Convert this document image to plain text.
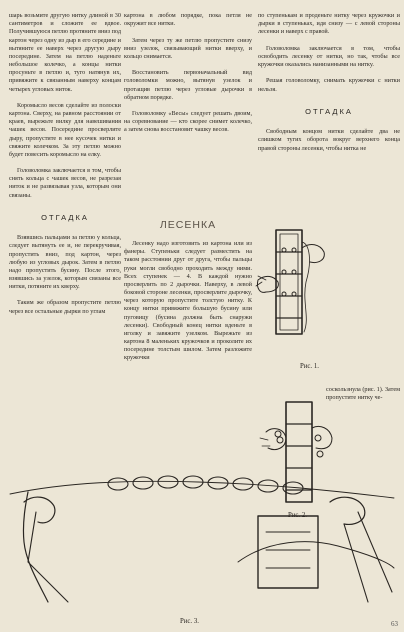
шарь возьмите другую нитку длиной в 30 сантиметров и сложите ее вдвое. Получившуюся петлю протяните вниз под картон через одну из дыр в его середине и вытяните ее наверх через другую дыру посередине. Затем на петлю наденьте небольшое колечко, а концы нитки просуньте в петлю и, туго натянув их, привяжите к связанным наверху концам четырех угловых ниток.

Коромысло весов сделайте из полоски картона. Сверху, на равном расстоянии от краев, вырежьте вилку для навешивания чашек весов. Посередине просверлите дыру, пропустите в нее кусочек нитки и свяжите колечком. За эту петлю можно будет повесить коромысло на елку.

Головоломка заключается в том, чтобы снять кольца с чашек весов, не разрезая ниток и не развязывая узла, которым они связаны.

ОТГАДКА

Взявшись пальцами за петлю у кольца, следует вытянуть ее и, не перекручивая, пропустить вниз, под картон, через любую из угловых дырок. Затем в петлю надо пропустить бусину. После этого, взявшись за узелок, которым связаны все нитки, потяните их кверху.

Таким же образом пропустите петлю через все остальные дырки по углам

картона в любом порядке, пока петля не окружит все нитки.

Затем через ту же петлю пропустите снизу вниз узелок, связывающий нитки вверху, и кольцо снимается.

Восстановить первоначальный вид головоломки можно, вытянув узелок и протащив петлю через угловые дырочки в обратном порядке.

Головоломку «Весы» следует решать двоим, на соревнование — кто скорее снимет колечко, а затем снова восстановит чашку весов.

ЛЕСЕНКА

Лесенку надо изготовить из картона или из фанеры. Ступеньки следует разместить на таком расстоянии друг от друга, чтобы пальцы руки могли свободно проходить между ними. Всех ступенек — 4. В каждой нужно просверлить по 2 дырочки. Наверху, в левой боковой стороне лесенки, просверлите дырочку, через которую пропустите толстую нитку. К концу нитки привяжите большую бусину или пуговицу (бусина должна быть снаружи лесенки). Свободный конец нитки вденьте в иголку и завяжите узелком. Вырежьте из картона 8 маленьких кружочков и проколите их посередине толстым шилом. Затем разложите кружочки

по ступенькам и проденьте нитку через кружочки и дырки в ступеньках, идя снизу — с левой стороны лесенки и наверх с правой.

Головоломка заключается в том, чтобы освободить лесенку от нитки, но так, чтобы все кружочки оказались нанизанными на нитку.

Решая головоломку, снимать кружочки с нитки нельзя.

ОТГАДКА

Свободным концом нитки сделайте два не слишком тугих оборота вокруг верхнего конца правой стороны лесенки, чтобы нитка не

соскользнула (рис. 1). Затем пропустите нитку че-

Рис. 1.
Рис. 2.
Рис. 3.	63
